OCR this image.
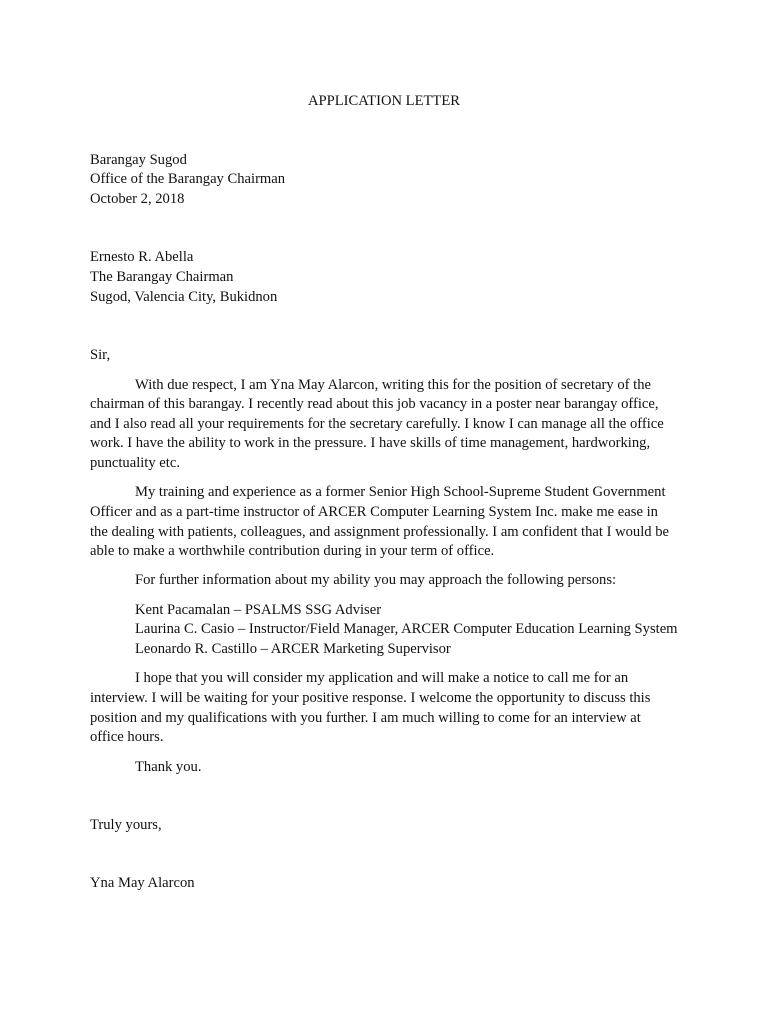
APPLICATION LETTER
Barangay Sugod
Office of the Barangay Chairman
October 2, 2018
Ernesto R. Abella
The Barangay Chairman
Sugod, Valencia City, Bukidnon

Sir,

With due respect, I am Yna May Alarcon, writing this for the position of secretary of the chairman of this barangay. I recently read about this job vacancy in a poster near barangay office, and I also read all your requirements for the secretary carefully. I know I can manage all the office work. I have the ability to work in the pressure. I have skills of time management, hardworking, punctuality etc.

My training and experience as a former Senior High School-Supreme Student Government Officer and as a part-time instructor of ARCER Computer Learning System Inc. make me ease in the dealing with patients, colleagues, and assignment professionally. I am confident that I would be able to make a worthwhile contribution during in your term of office.

For further information about my ability you may approach the following persons:

Kent Pacamalan – PSALMS SSG Adviser
Laurina C. Casio – Instructor/Field Manager, ARCER Computer Education Learning System
Leonardo R. Castillo – ARCER Marketing Supervisor

I hope that you will consider my application and will make a notice to call me for an interview. I will be waiting for your positive response. I welcome the opportunity to discuss this position and my qualifications with you further. I am much willing to come for an interview at office hours.

Thank you.

Truly yours,

Yna May Alarcon
